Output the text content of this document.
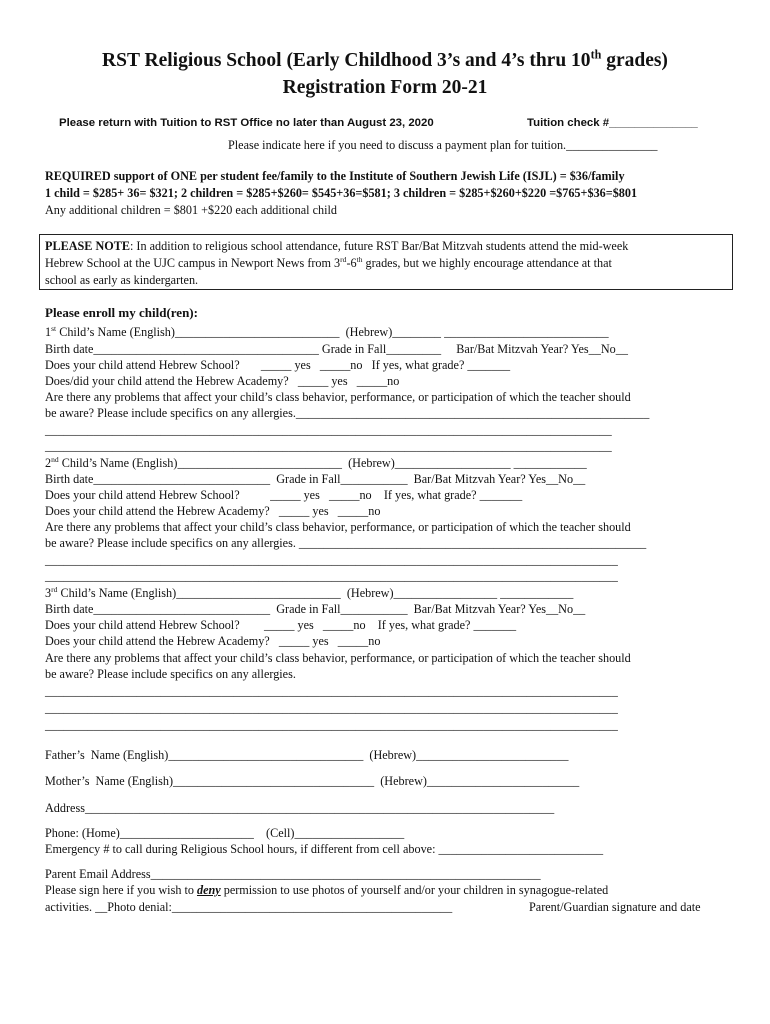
RST Religious School (Early Childhood 3’s and 4’s thru 10th grades)
Registration Form 20-21
Please return with Tuition to RST Office no later than August 23, 2020	Tuition check #______________
Please indicate here if you need to discuss a payment plan for tuition._______________
REQUIRED support of ONE per student fee/family to the Institute of Southern Jewish Life (ISJL) = $36/family
1 child = $285+ 36= $321; 2 children = $285+$260= $545+36=$581; 3 children = $285+$260+$220 =$765+$36=$801
Any additional children = $801 +$220 each additional child
PLEASE NOTE: In addition to religious school attendance, future RST Bar/Bat Mitzvah students attend the mid-week
Hebrew School at the UJC campus in Newport News from 3rd-6th grades, but we highly encourage attendance at that
school as early as kindergarten.
Please enroll my child(ren):
1st Child’s Name (English)___________________________  (Hebrew)________ ___________________________
Birth date_____________________________________ Grade in Fall_________     Bar/Bat Mitzvah Year? Yes__No__
Does your child attend Hebrew School?       _____ yes   _____no   If yes, what grade? _______
Does/did your child attend the Hebrew Academy?   _____ yes   _____no
Are there any problems that affect your child’s class behavior, performance, or participation of which the teacher should
be aware? Please include specifics on any allergies.__________________________________________________________
_____________________________________________________________________________________________
_____________________________________________________________________________________________
2nd Child’s Name (English)___________________________  (Hebrew)___________________ ____________
Birth date_____________________________  Grade in Fall___________  Bar/Bat Mitzvah Year? Yes__No__
Does your child attend Hebrew School?          _____ yes   _____no    If yes, what grade? _______
Does your child attend the Hebrew Academy?   _____ yes   _____no
Are there any problems that affect your child’s class behavior, performance, or participation of which the teacher should
be aware? Please include specifics on any allergies. _________________________________________________________
______________________________________________________________________________________________
______________________________________________________________________________________________
3rd Child’s Name (English)___________________________  (Hebrew)_________________ ____________
Birth date_____________________________  Grade in Fall___________  Bar/Bat Mitzvah Year? Yes__No__
Does your child attend Hebrew School?        _____ yes   _____no    If yes, what grade? _______
Does your child attend the Hebrew Academy?   _____ yes   _____no
Are there any problems that affect your child’s class behavior, performance, or participation of which the teacher should
be aware? Please include specifics on any allergies.
______________________________________________________________________________________________
______________________________________________________________________________________________
______________________________________________________________________________________________
Father’s  Name (English)________________________________  (Hebrew)_________________________
Mother’s  Name (English)_________________________________  (Hebrew)_________________________
Address_____________________________________________________________________________
Phone: (Home)______________________    (Cell)__________________
Emergency # to call during Religious School hours, if different from cell above: ___________________________
Parent Email Address________________________________________________________________
Please sign here if you wish to deny permission to use photos of yourself and/or your children in synagogue-related
activities. __Photo denial:______________________________________________	Parent/Guardian signature and date
